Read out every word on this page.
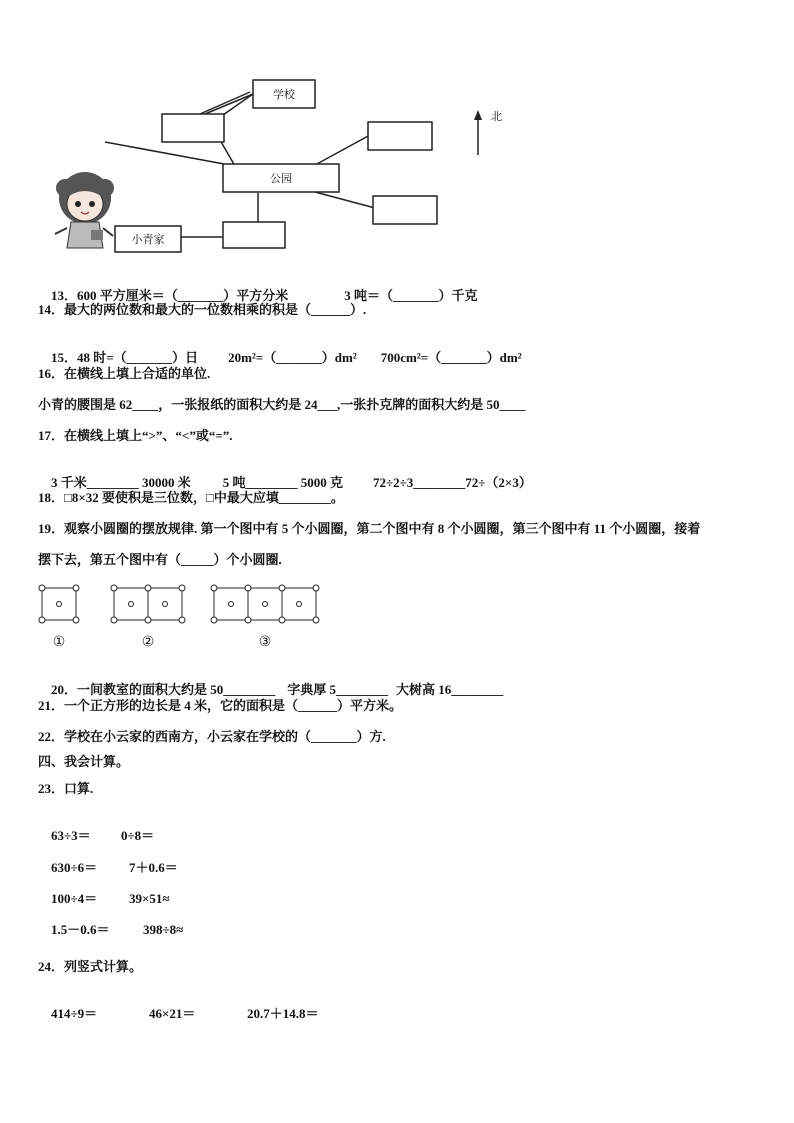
学校
公园
小青家
北

13．600 平方厘米＝（_______）平方分米	3 吨＝（_______）千克

14．最大的两位数和最大的一位数相乘的积是（______）.

15．48 时=（_______）日 20m²=（_______）dm² 700cm²=（_______）dm²

16．在横线上填上合适的单位.
小青的腰围是 62____，一张报纸的面积大约是 24___,一张扑克牌的面积大约是 50____
17．在横线上填上“>”、“<”或“=”.

3 千米________ 30000 米 5 吨________ 5000 克 72÷2÷3________72÷（2×3）

18．□8×32 要使积是三位数，□中最大应填________。
19．观察小圆圈的摆放规律. 第一个图中有 5 个小圆圈，第二个图中有 8 个小圆圈，第三个图中有 11 个小圆圈，接着
摆下去，第五个图中有（_____）个小圆圈.
①	②	③

20．一间教室的面积大约是 50________ 字典厚 5________ 大树高 16________

21．一个正方形的边长是 4 米，它的面积是（______）平方米。
22．学校在小云家的西南方，小云家在学校的（_______）方.
四、我会计算。
23．口算.

63÷3＝ 0÷8＝

630÷6＝ 7＋0.6＝

100÷4＝ 39×51≈

1.5－0.6＝	398÷8≈

24．列竖式计算。

414÷9＝	46×21＝	20.7＋14.8＝
